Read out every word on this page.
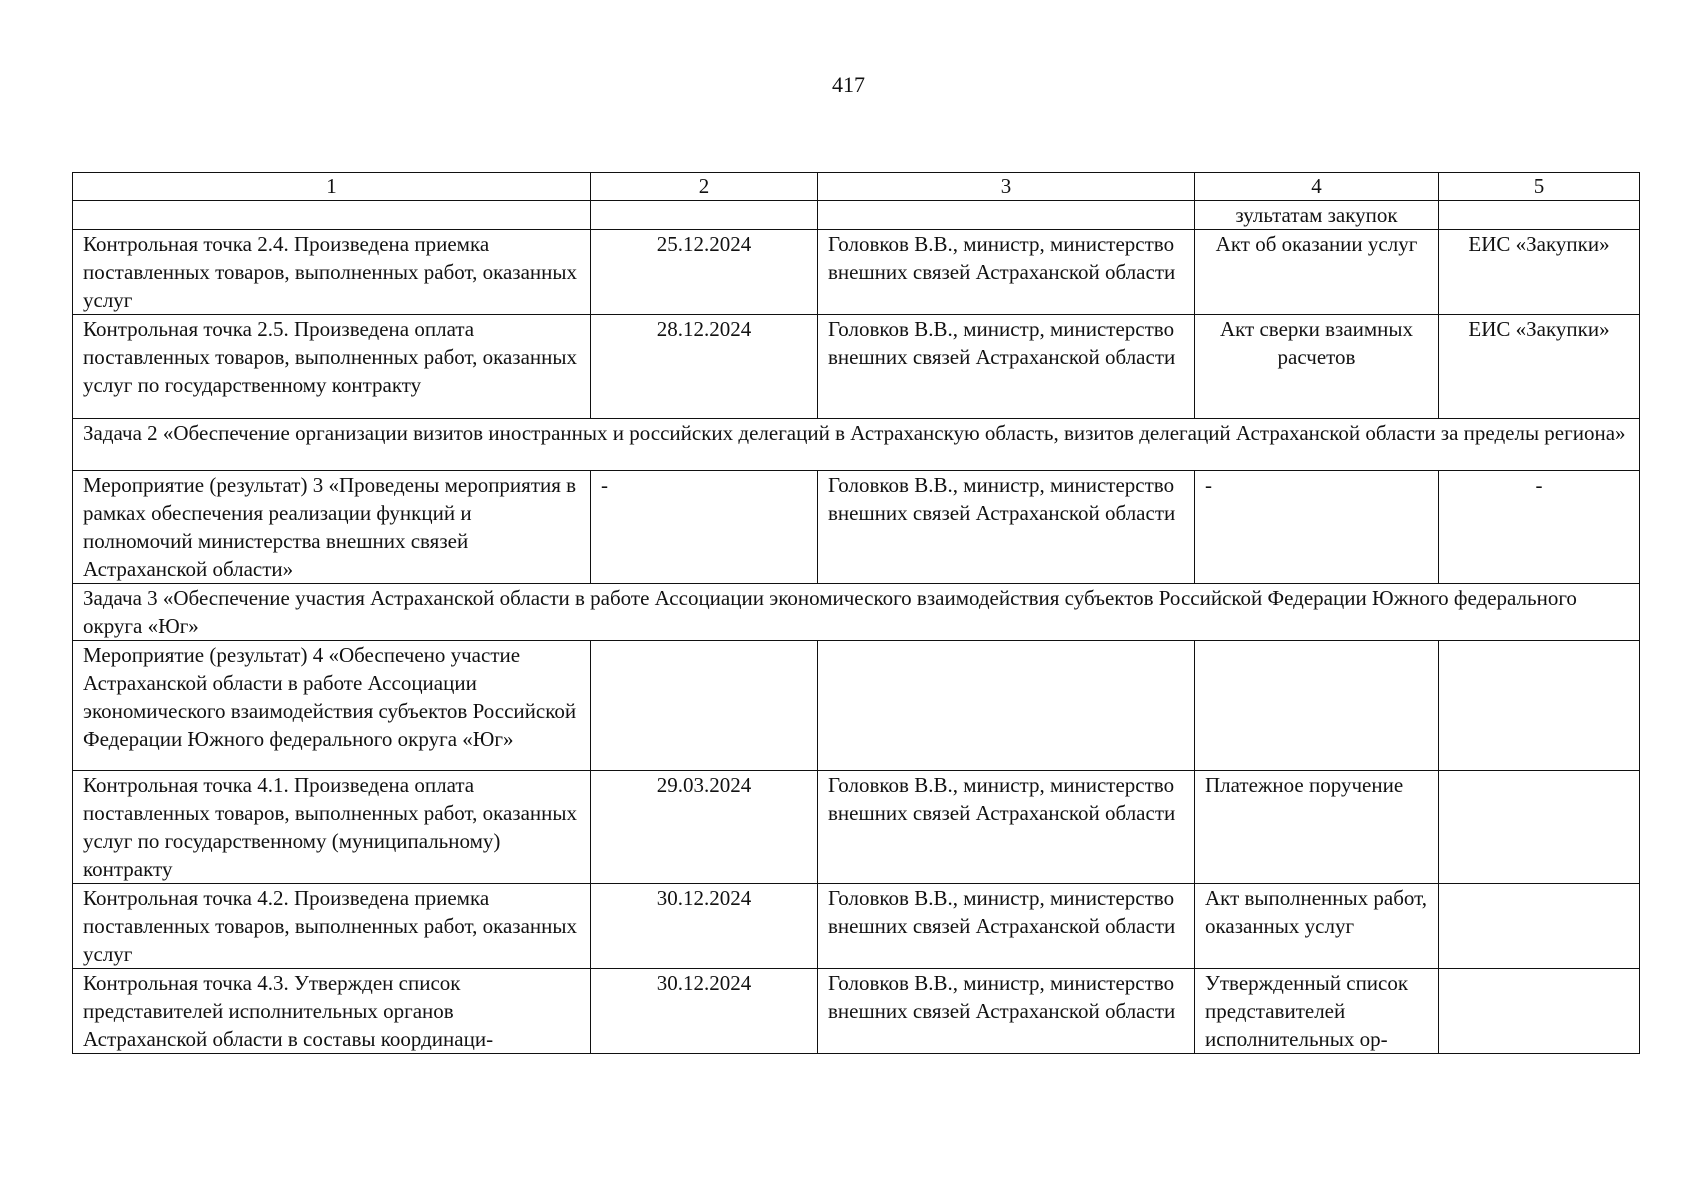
417
1	2	3	4	5
			зультатам закупок	
Контрольная точка 2.4. Произведена приемка поставленных товаров, выполненных работ, оказанных услуг	25.12.2024	Головков В.В., министр, министерство внешних связей Астраханской области	Акт об оказании услуг	ЕИС «Закупки»
Контрольная точка 2.5. Произведена оплата поставленных товаров, выполненных работ, оказанных услуг по государственному контракту	28.12.2024	Головков В.В., министр, министерство внешних связей Астраханской области	Акт сверки взаимных расчетов	ЕИС «Закупки»
Задача 2 «Обеспечение организации визитов иностранных и российских делегаций в Астраханскую область, визитов делегаций Астраханской области за пределы региона»				
Мероприятие (результат) 3 «Проведены мероприятия в рамках обеспечения реализации функций и полномочий министерства внешних связей Астраханской области»	-	Головков В.В., министр, министерство внешних связей Астраханской области	-	-
Задача 3 «Обеспечение участия Астраханской области в работе Ассоциации экономического взаимодействия субъектов Российской Федерации Южного федерального округа «Юг»				
Мероприятие (результат) 4 «Обеспечено участие Астраханской области в работе Ассоциации экономического взаимодействия субъектов Российской Федерации Южного федерального округа «Юг»				
Контрольная точка 4.1. Произведена оплата поставленных товаров, выполненных работ, оказанных услуг по государственному (муниципальному) контракту	29.03.2024	Головков В.В., министр, министерство внешних связей Астраханской области	Платежное поручение	
Контрольная точка 4.2. Произведена приемка поставленных товаров, выполненных работ, оказанных услуг	30.12.2024	Головков В.В., министр, министерство внешних связей Астраханской области	Акт выполненных работ, оказанных услуг	
Контрольная точка 4.3. Утвержден список представителей исполнительных органов Астраханской области в составы координаци-	30.12.2024	Головков В.В., министр, министерство внешних связей Астраханской области	Утвержденный список представителей исполнительных ор-	
